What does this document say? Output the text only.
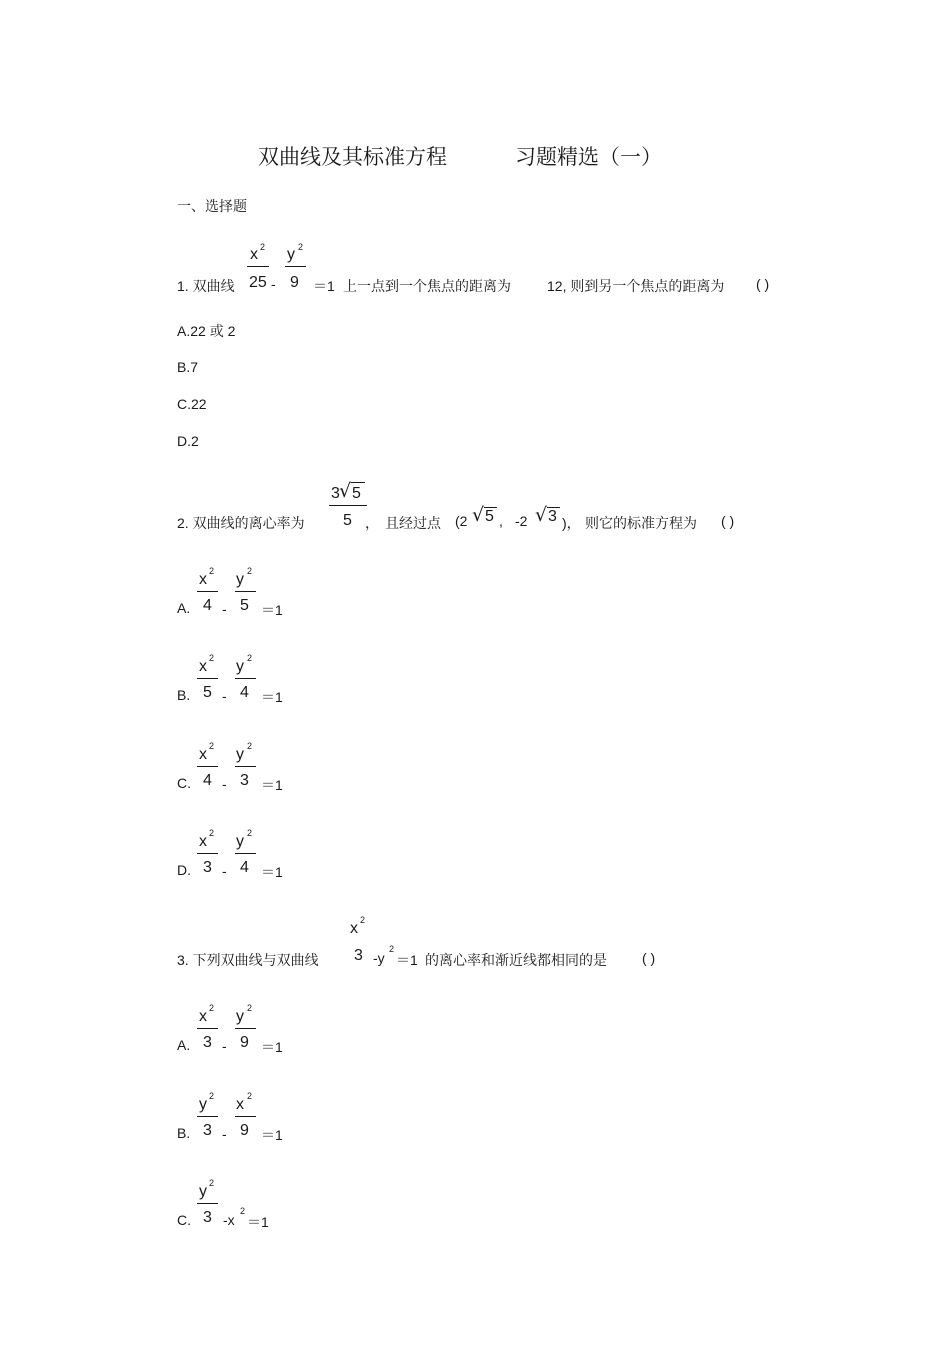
双曲线及其标准方程	习题精选（一）
一、选择题
1. 双曲线
x 2
25 -
y 2
9 ＝1 上一点到一个焦点的距离为	12, 则到另一个焦点的距离为 ( )
A.22 或 2
B.7
C.22
D.2
2. 双曲线的离心率为
3 √ 5
5 ， 且经过点 (2 √ 5 , -2 √ 3 )， 则它的标准方程为 ( )
A.
x 2
4 -
y 2
5 ＝1
B.
x 2
5 -
y 2
4 ＝1
C.
x 2
4 -
y 2
3 ＝1
D.
x 2
3 -
y 2
4 ＝1
3. 下列双曲线与双曲线
x 2
3 -y
2
＝1 的离心率和渐近线都相同的是	( )
A.
x 2
3 -
y 2
9 ＝1
B.
y 2
3 -
x 2
9 ＝1
C.
y 2
3 -x
2
＝1
